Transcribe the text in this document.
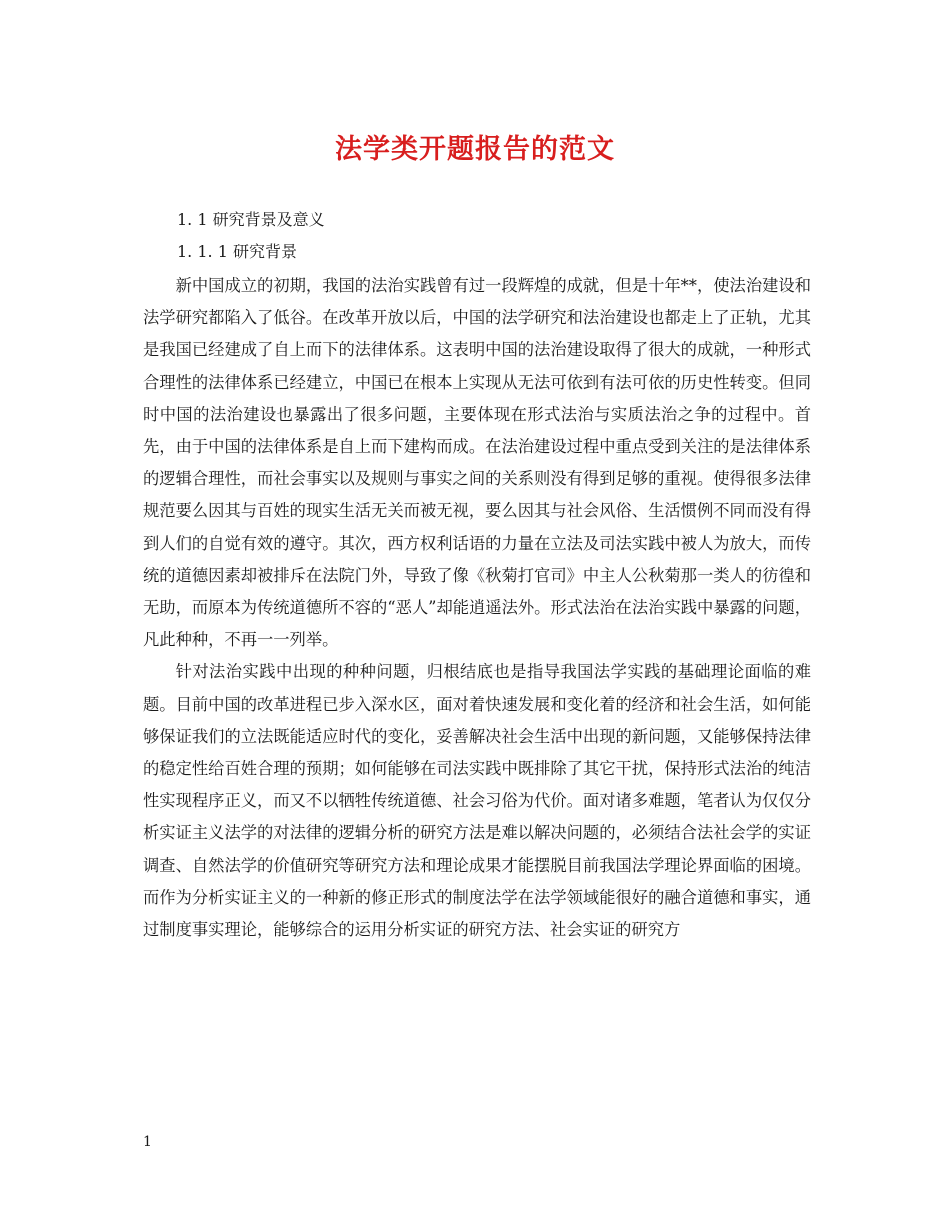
法学类开题报告的范文

1. 1 研究背景及意义

1. 1. 1 研究背景

新中国成立的初期，我国的法治实践曾有过一段辉煌的成就，但是十年**，使法治建设和法学研究都陷入了低谷。在改革开放以后，中国的法学研究和法治建设也都走上了正轨，尤其是我国已经建成了自上而下的法律体系。这表明中国的法治建设取得了很大的成就，一种形式合理性的法律体系已经建立，中国已在根本上实现从无法可依到有法可依的历史性转变。但同时中国的法治建设也暴露出了很多问题，主要体现在形式法治与实质法治之争的过程中。首先，由于中国的法律体系是自上而下建构而成。在法治建设过程中重点受到关注的是法律体系的逻辑合理性，而社会事实以及规则与事实之间的关系则没有得到足够的重视。使得很多法律规范要么因其与百姓的现实生活无关而被无视，要么因其与社会风俗、生活惯例不同而没有得到人们的自觉有效的遵守。其次，西方权利话语的力量在立法及司法实践中被人为放大，而传统的道德因素却被排斥在法院门外，导致了像《秋菊打官司》中主人公秋菊那一类人的彷徨和无助，而原本为传统道德所不容的“恶人”却能逍遥法外。形式法治在法治实践中暴露的问题，凡此种种，不再一一列举。

针对法治实践中出现的种种问题，归根结底也是指导我国法学实践的基础理论面临的难题。目前中国的改革进程已步入深水区，面对着快速发展和变化着的经济和社会生活，如何能够保证我们的立法既能适应时代的变化，妥善解决社会生活中出现的新问题，又能够保持法律的稳定性给百姓合理的预期；如何能够在司法实践中既排除了其它干扰，保持形式法治的纯洁性实现程序正义，而又不以牺牲传统道德、社会习俗为代价。面对诸多难题，笔者认为仅仅分析实证主义法学的对法律的逻辑分析的研究方法是难以解决问题的，必须结合法社会学的实证调查、自然法学的价值研究等研究方法和理论成果才能摆脱目前我国法学理论界面临的困境。而作为分析实证主义的一种新的修正形式的制度法学在法学领域能很好的融合道德和事实，通过制度事实理论，能够综合的运用分析实证的研究方法、社会实证的研究方

1
